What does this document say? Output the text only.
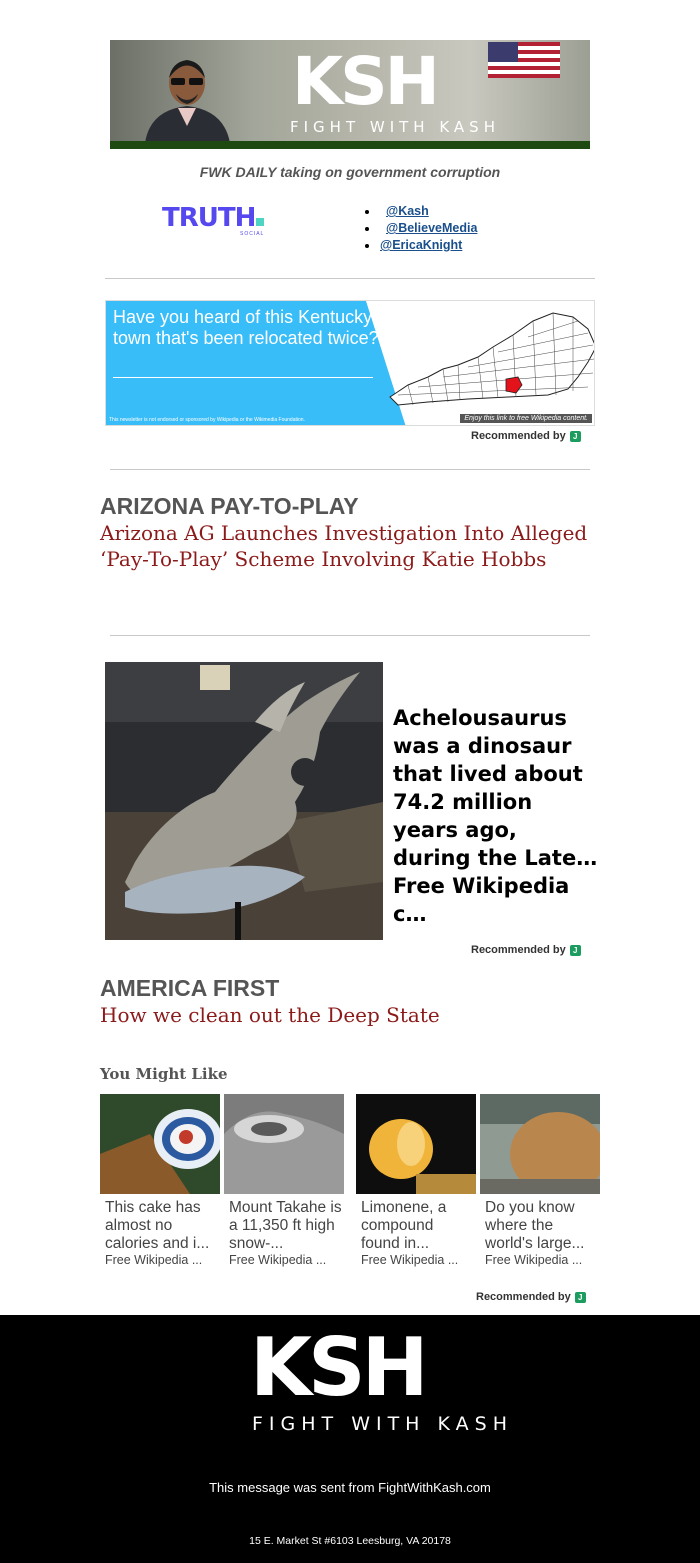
KSH
FIGHT WITH KASH
FWK DAILY taking on government corruption
TRUTH
SOCIAL
@Kash
@BelieveMedia
@EricaKnight
Have you heard of this Kentucky town that's been relocated twice?
This newsletter is not endorsed or sponsored by Wikipedia or the Wikimedia Foundation.	Enjoy this link to free Wikipedia content.
Recommended by J
ARIZONA PAY-TO-PLAY
Arizona AG Launches Investigation Into Alleged ‘Pay-To-Play’ Scheme Involving Katie Hobbs
Achelousaurus was a dinosaur that lived about 74.2 million years ago, during the Late… Free Wikipedia c…
Recommended by J
AMERICA FIRST
How we clean out the Deep State
You Might Like
This cake has almost no calories and i...
Free Wikipedia ...
Mount Takahe is a 11,350 ft high snow-...
Free Wikipedia ...
Limonene, a compound found in...
Free Wikipedia ...
Do you know where the world's large...
Free Wikipedia ...
Recommended by J
KSH
FIGHT WITH KASH
This message was sent from FightWithKash.com
15 E. Market St #6103 Leesburg, VA 20178
